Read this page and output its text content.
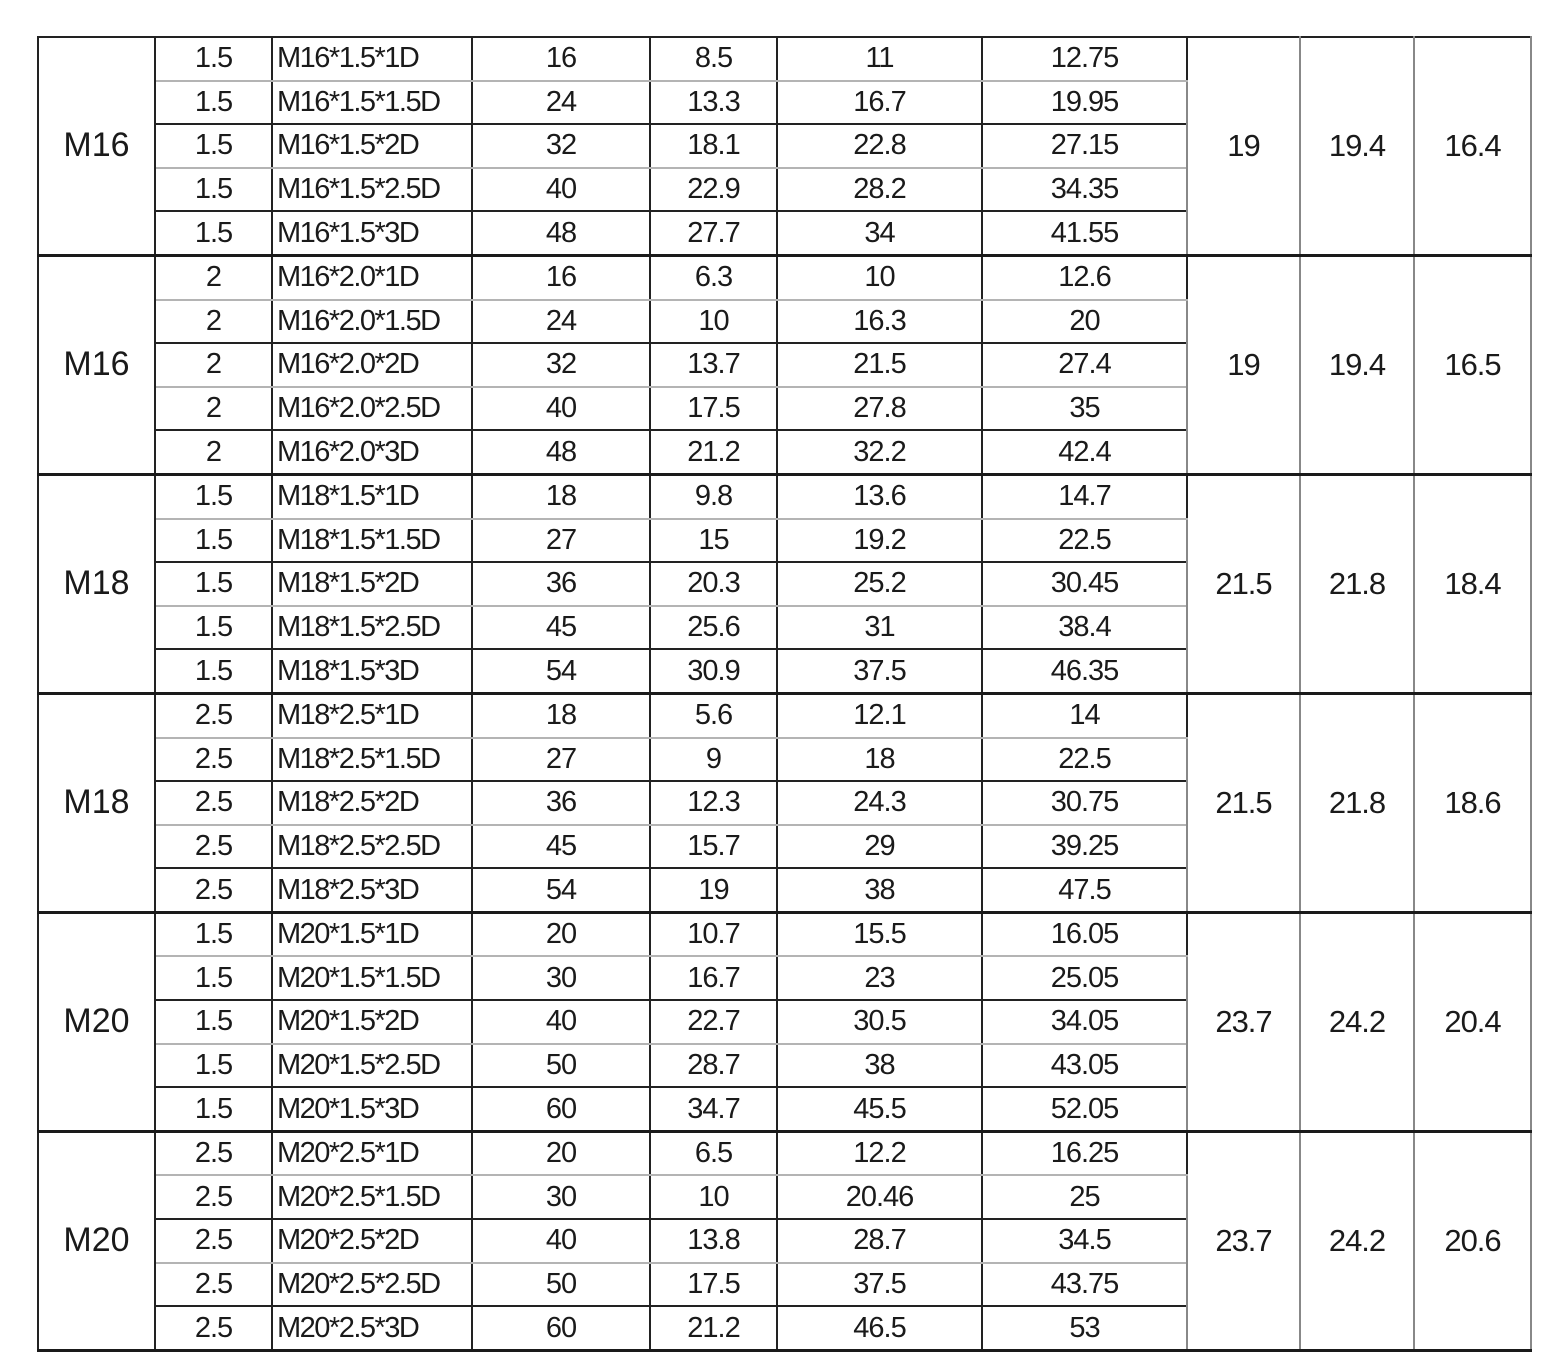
M16	1.5	M16*1.5*1D	16	8.5	11	12.75	19	19.4	16.4
	1.5	M16*1.5*1.5D	24	13.3	16.7	19.95			
	1.5	M16*1.5*2D	32	18.1	22.8	27.15			
	1.5	M16*1.5*2.5D	40	22.9	28.2	34.35			
	1.5	M16*1.5*3D	48	27.7	34	41.55			
M16	2	M16*2.0*1D	16	6.3	10	12.6	19	19.4	16.5
	2	M16*2.0*1.5D	24	10	16.3	20			
	2	M16*2.0*2D	32	13.7	21.5	27.4			
	2	M16*2.0*2.5D	40	17.5	27.8	35			
	2	M16*2.0*3D	48	21.2	32.2	42.4			
M18	1.5	M18*1.5*1D	18	9.8	13.6	14.7	21.5	21.8	18.4
	1.5	M18*1.5*1.5D	27	15	19.2	22.5			
	1.5	M18*1.5*2D	36	20.3	25.2	30.45			
	1.5	M18*1.5*2.5D	45	25.6	31	38.4			
	1.5	M18*1.5*3D	54	30.9	37.5	46.35			
M18	2.5	M18*2.5*1D	18	5.6	12.1	14	21.5	21.8	18.6
	2.5	M18*2.5*1.5D	27	9	18	22.5			
	2.5	M18*2.5*2D	36	12.3	24.3	30.75			
	2.5	M18*2.5*2.5D	45	15.7	29	39.25			
	2.5	M18*2.5*3D	54	19	38	47.5			
M20	1.5	M20*1.5*1D	20	10.7	15.5	16.05	23.7	24.2	20.4
	1.5	M20*1.5*1.5D	30	16.7	23	25.05			
	1.5	M20*1.5*2D	40	22.7	30.5	34.05			
	1.5	M20*1.5*2.5D	50	28.7	38	43.05			
	1.5	M20*1.5*3D	60	34.7	45.5	52.05			
M20	2.5	M20*2.5*1D	20	6.5	12.2	16.25	23.7	24.2	20.6
	2.5	M20*2.5*1.5D	30	10	20.46	25			
	2.5	M20*2.5*2D	40	13.8	28.7	34.5			
	2.5	M20*2.5*2.5D	50	17.5	37.5	43.75			
	2.5	M20*2.5*3D	60	21.2	46.5	53			
